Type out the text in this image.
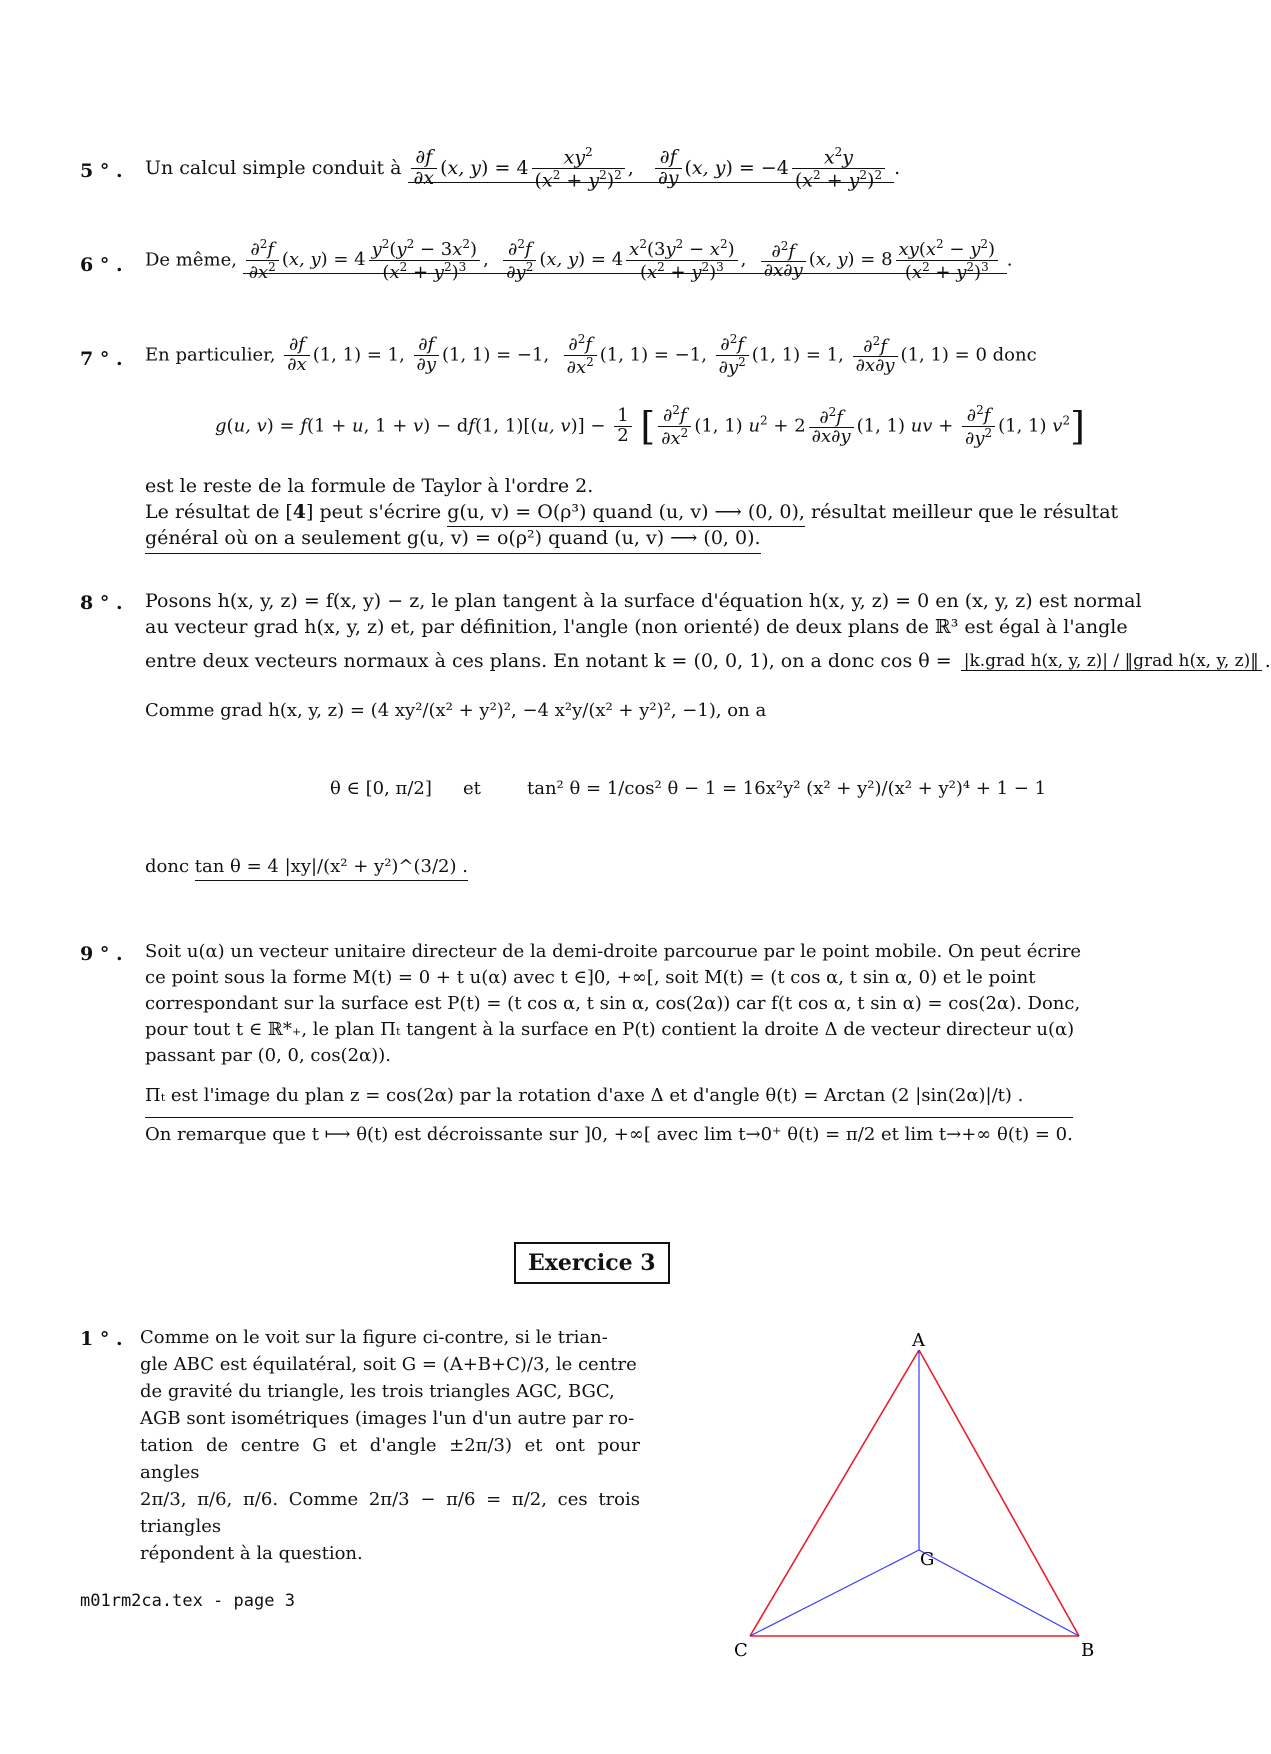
5 ° . Un calcul simple conduit à $\frac{\partial f}{\partial x} (x$, $y) = 4 \frac{xy^2}{(x^2 + y^2)^2}$ , $\frac{\partial f}{\partial y} (x$, $y) = -4 \frac{x^2y}{(x^2 + y^2)^2}$ .
6 ° . De même, $\frac{\partial^2f}{\partial x^2} (x$, $y) = 4 \frac{y^2(y^2 - 3x^2)}{(x^2 + y^2)^3}$ , $\frac{\partial^2f}{\partial y^2} (x$, $y) = 4 \frac{x^2(3y^2 - x^2)}{(x^2 + y^2)^3}$ , $\frac{\partial^2f}{\partial x\partial y} (x$, $y) = 8 \frac{xy(x^2 - y^2)}{(x^2 + y^2)^3}$ .
7 ° . En particulier, $\frac{\partial f}{\partial x} (1$, 1) = 1, $\frac{\partial f}{\partial y} (1$, 1) = −1, $\frac{\partial^2f}{\partial x^2} (1$, 1) = −1, $\frac{\partial^2f}{\partial y^2} (1$, 1) = 1, $\frac{\partial^2f}{\partial x\partial y} (1$, 1) = 0 donc
g(u, v) = f(1 + u, 1 + v) − df(1, 1)[(u, $v)] - \frac{1}{2}$ [ $\frac{\partial^2f}{\partial x^2} (1$, 1) $u^2 + 2 \frac{\partial^2f}{\partial x\partial y} (1$, 1) uv + $\frac{\partial^2f}{\partial y^2} (1$, 1) $v^2$]
est le reste de la formule de Taylor à l'ordre 2.
Le résultat de [4] peut s'écrire g(u, v) = O(ρ³) quand (u, v) ⟶ (0, 0), résultat meilleur que le résultat
général où on a seulement g(u, v) = o(ρ²) quand (u, v) ⟶ (0, 0).
8 ° . Posons h(x, y, z) = f(x, y) − z, le plan tangent à la surface d'équation h(x, y, z) = 0 en (x, y, z) est normal
au vecteur grad h(x, y, z) et, par définition, l'angle (non orienté) de deux plans de ℝ³ est égal à l'angle
entre deux vecteurs normaux à ces plans. En notant k = (0, 0, 1), on a donc cos θ = |k.grad h(x, y, z)| / ‖grad h(x, y, z)‖ .
Comme grad h(x, y, z) = (4 xy²/(x² + y²)², −4 x²y/(x² + y²)², −1), on a
θ ∈ [0, π/2] et	tan² θ = 1/cos² θ − 1 = 16x²y² (x² + y²)/(x² + y²)⁴ + 1 − 1
donc tan θ = 4 |xy|/(x² + y²)^(3/2) .
9 ° . Soit u(α) un vecteur unitaire directeur de la demi-droite parcourue par le point mobile. On peut écrire
ce point sous la forme M(t) = 0 + t u(α) avec t ∈]0, +∞[, soit M(t) = (t cos α, t sin α, 0) et le point
correspondant sur la surface est P(t) = (t cos α, t sin α, cos(2α)) car f(t cos α, t sin α) = cos(2α). Donc,
pour tout t ∈ ℝ*₊, le plan Πₜ tangent à la surface en P(t) contient la droite Δ de vecteur directeur u(α)
passant par (0, 0, cos(2α)).
Πₜ est l'image du plan z = cos(2α) par la rotation d'axe Δ et d'angle θ(t) = Arctan (2 |sin(2α)|/t) .
On remarque que t ⟼ θ(t) est décroissante sur ]0, +∞[ avec lim t→0⁺ θ(t) = π/2 et lim t→+∞ θ(t) = 0.
Exercice 3
1 ° . Comme on le voit sur la figure ci-contre, si le trian-
gle ABC est équilatéral, soit G = (A+B+C)/3, le centre
de gravité du triangle, les trois triangles AGC, BGC,
AGB sont isométriques (images l'un d'un autre par ro-
tation de centre G et d'angle ±2π/3) et ont pour angles
2π/3, π/6, π/6. Comme 2π/3 − π/6 = π/2, ces trois triangles
répondent à la question.
A
B
C
G
m01rm2ca.tex - page 3
